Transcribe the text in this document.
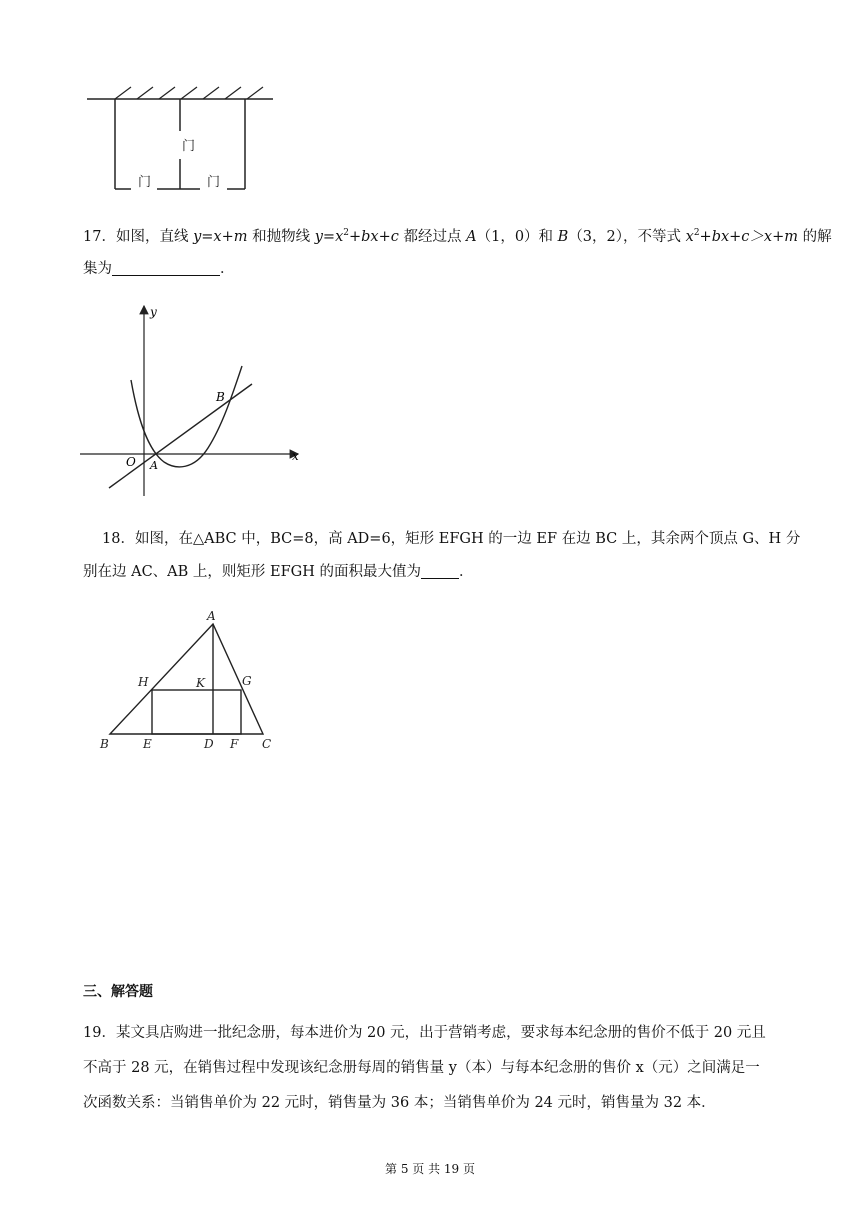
门
门	门
17．如图，直线 y=x+m 和抛物线 $y=x^2+bx+c$ 都经过点 A（1，0）和 B（3，2），不等式 $x^2+bx+c>x+m$ 的解
集为	．
y
x
O A
B
18．如图，在△ABC 中，BC=8，高 AD=6，矩形 EFGH 的一边 EF 在边 BC 上，其余两个顶点 G、H 分
别在边 AC、AB 上，则矩形 EFGH 的面积最大值为	．
A
B	C
D
E	F
G
H	K
三、解答题
19．某文具店购进一批纪念册，每本进价为 20 元，出于营销考虑，要求每本纪念册的售价不低于 20 元且
不高于 28 元，在销售过程中发现该纪念册每周的销售量 y（本）与每本纪念册的售价 x（元）之间满足一
次函数关系：当销售单价为 22 元时，销售量为 36 本；当销售单价为 24 元时，销售量为 32 本．
第 5 页 共 19 页
